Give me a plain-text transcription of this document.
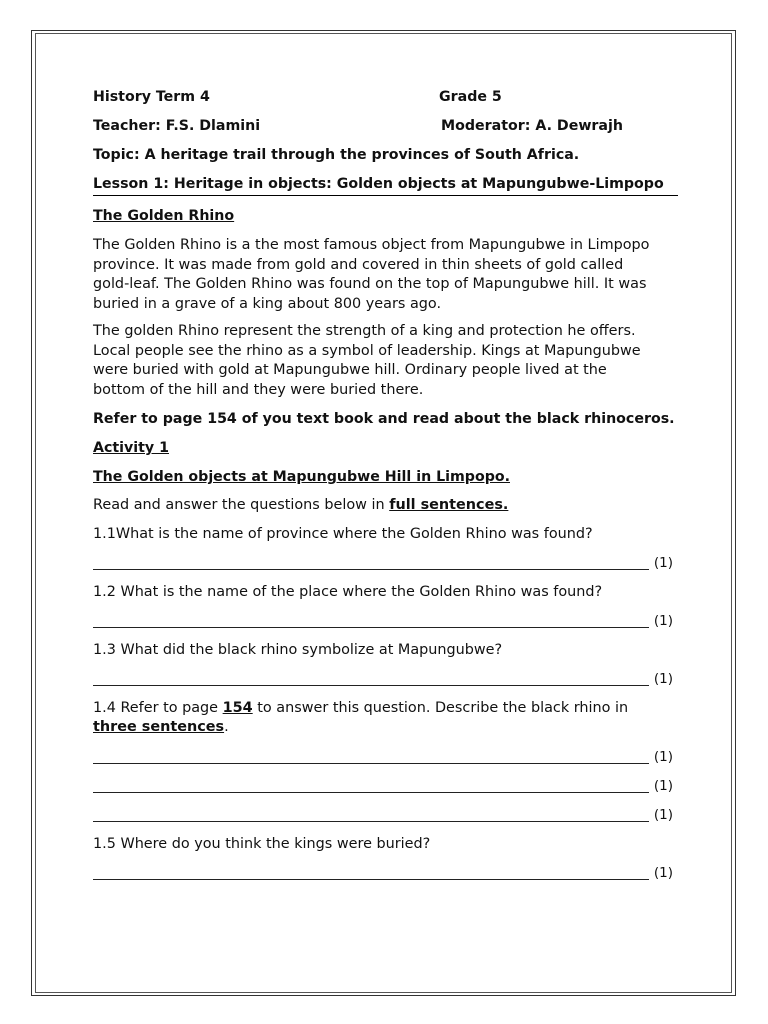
History Term 4
Teacher: F.S. Dlamini
Topic: A heritage trail through the provinces of South Africa.
Lesson 1: Heritage in objects: Golden objects at Mapungubwe-Limpopo
The Golden Rhino

The Golden Rhino is a the most famous object from Mapungubwe in Limpopo

province. It was made from gold and covered in thin sheets of gold called

gold-leaf. The Golden Rhino was found on the top of Mapungubwe hill. It was

buried in a grave of a king about 800 years ago.

The golden Rhino represent the strength of a king and protection he offers.

Local people see the rhino as a symbol of leadership. Kings at Mapungubwe

were buried with gold at Mapungubwe hill. Ordinary people lived at the

bottom of the hill and they were buried there.

Refer to page 154 of you text book and read about the black rhinoceros.
Activity 1
The Golden objects at Mapungubwe Hill in Limpopo.
Read and answer the questions below in full sentences.
1.1What is the name of province where the Golden Rhino was found?
(1)
1.2 What is the name of the place where the Golden Rhino was found?
(1)
1.3 What did the black rhino symbolize at Mapungubwe?
(1)
1.4 Refer to page 154 to answer this question. Describe the black rhino in
three sentences.
(1)
(1)
(1)
1.5 Where do you think the kings were buried?
(1)
Grade 5
Moderator: A. Dewrajh
